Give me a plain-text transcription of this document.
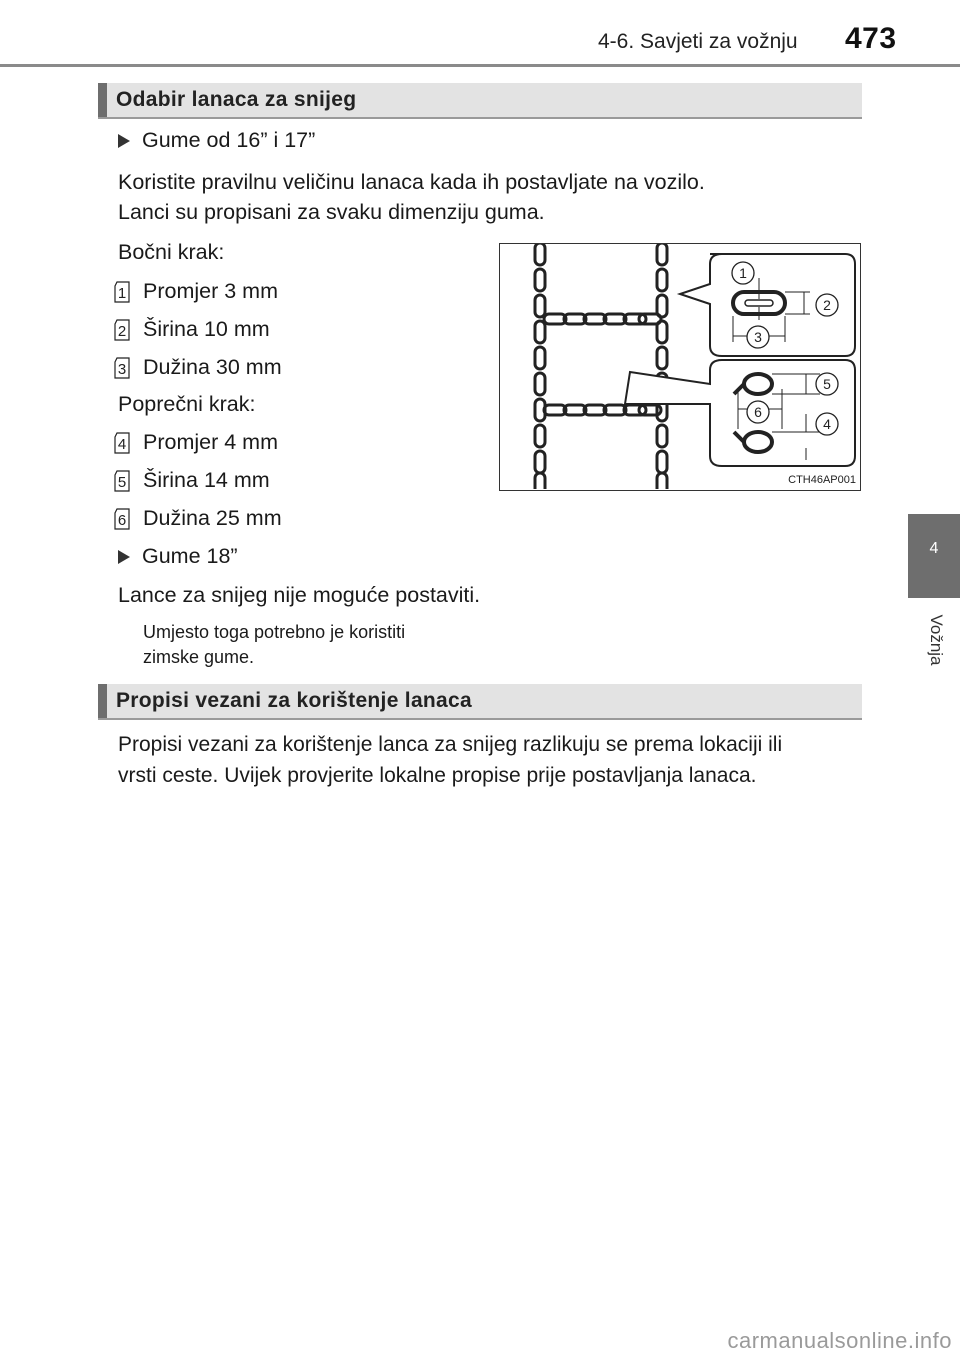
4-6. Savjeti za vožnju 473
4
Vožnja
Odabir lanaca za snijeg
Gume od 16” i 17”
Koristite pravilnu veličinu lanaca kada ih postavljate na vozilo.
Lanci su propisani za svaku dimenziju guma.
Bočni krak:
1 Promjer 3 mm
2 Širina 10 mm
3 Dužina 30 mm
Poprečni krak:
4 Promjer 4 mm
5 Širina 14 mm
6 Dužina 25 mm
Gume 18”
Lance za snijeg nije moguće postaviti.
Umjesto toga potrebno je koristiti
zimske gume.
1
2
3
5
4
6
CTH46AP001
Propisi vezani za korištenje lanaca
Propisi vezani za korištenje lanca za snijeg razlikuju se prema lokaciji ili
vrsti ceste. Uvijek provjerite lokalne propise prije postavljanja lanaca.
carmanualsonline.info
